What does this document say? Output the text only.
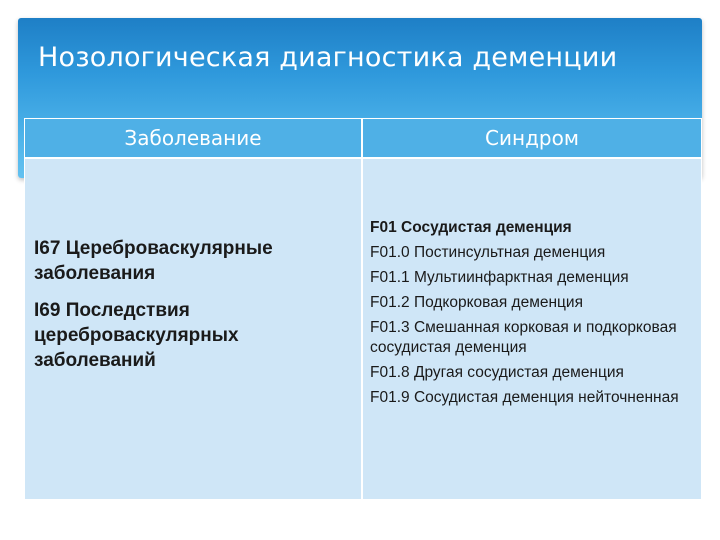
Нозологическая диагностика деменции
Заболевание	Синдром
I67 Цереброваскулярные
заболевания
I69 Последствия
цереброваскулярных
заболеваний
F01 Сосудистая деменция
F01.0 Постинсультная деменция
F01.1 Мультиинфарктная деменция
F01.2 Подкорковая деменция
F01.3 Смешанная корковая и подкорковая сосудистая деменция
F01.8 Другая сосудистая деменция
F01.9 Сосудистая деменция нейточненная
